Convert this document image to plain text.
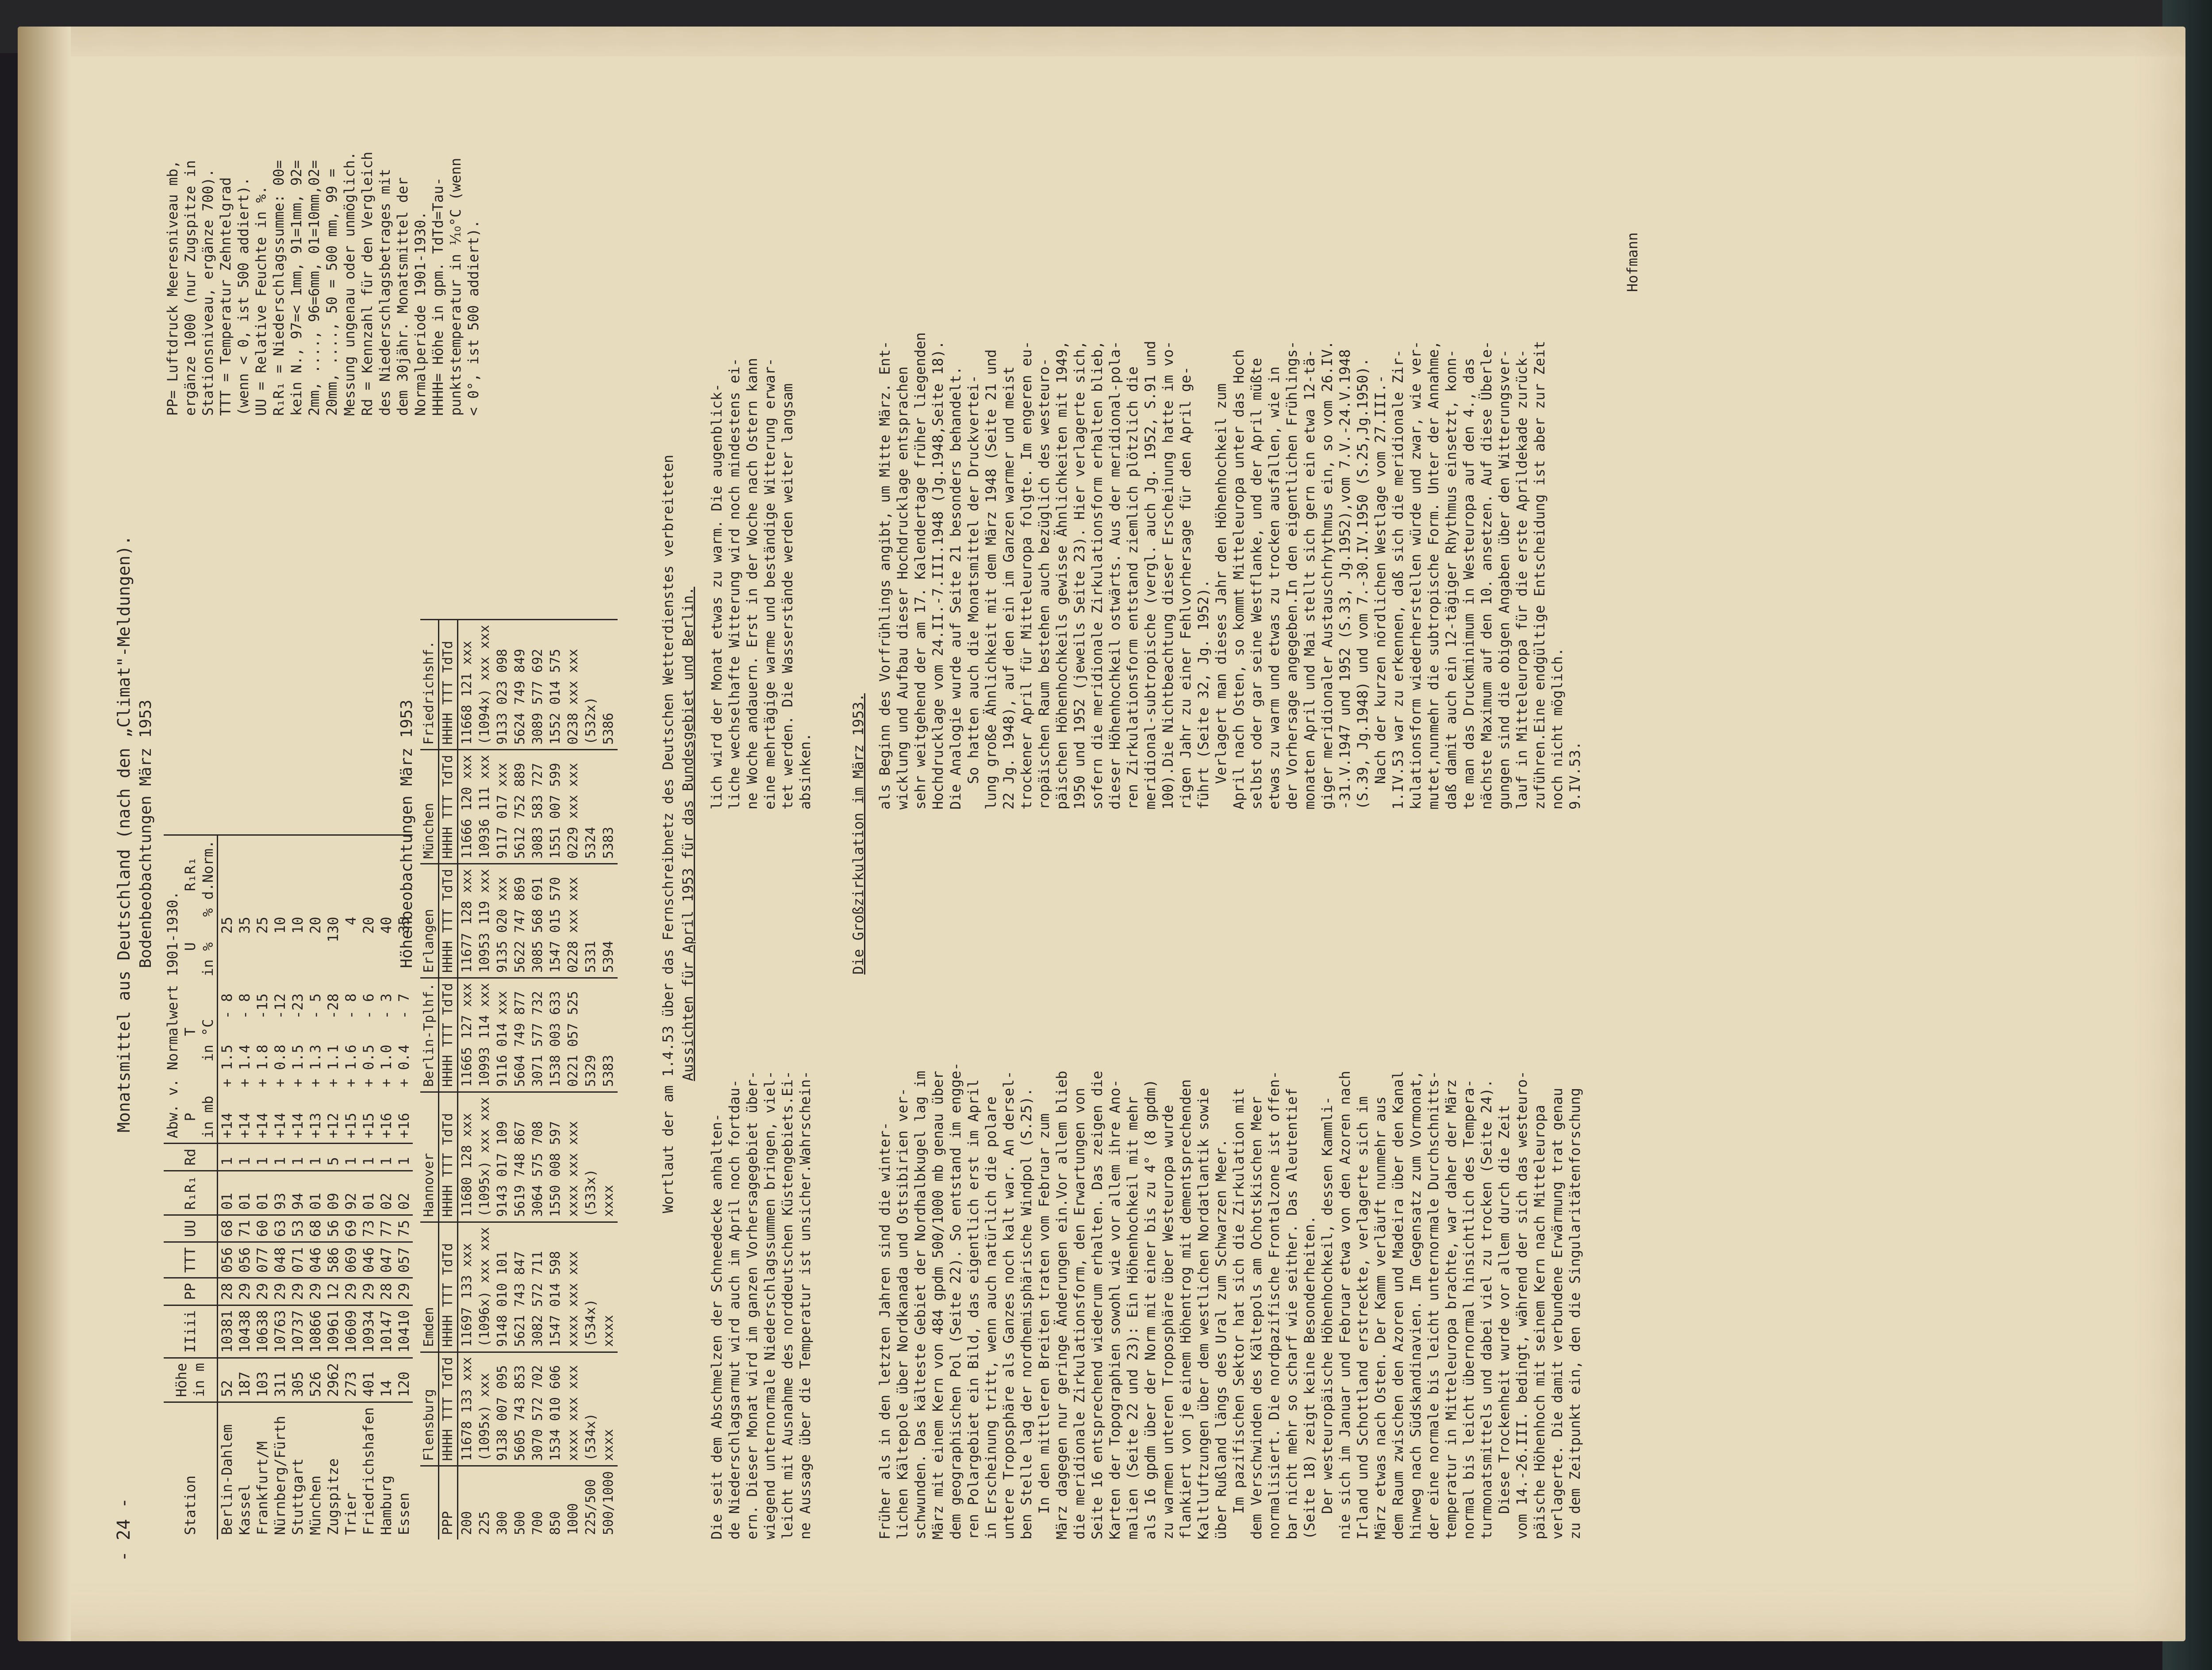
- 24 -
Monatsmittel aus Deutschland (nach den „Climat"-Meldungen). Bodenbeobachtungen März 1953
Station	Höhe
in m	IIiii	PP	TTT	UU	R₁R₁	Rd	Abw. v. Normalwert 1901-1930.
P         T         U      R₁R₁
in mb    in °C     in %   % d.Norm.
Berlin-Dahlem	52	10381	28	056	68	01	1	+14   + 1.5   - 8       25
Kassel	187	10438	29	056	71	01	1	+14   + 1.4   - 8       35
Frankfurt/M	103	10638	29	077	60	01	1	+14   + 1.8   -15       25
Nürnberg/Fürth	311	10763	29	048	63	93	1	+14   + 0.8   -12       10
Stuttgart	305	10737	29	071	53	94	1	+14   + 1.5   -23       10
München	526	10866	29	046	68	01	1	+13   + 1.3   - 5       20
Zugspitze	2962	10961	12	586	56	09	5	+12   + 1.1   -28      130
Trier	273	10609	29	069	69	92	1	+15   + 1.6   - 8        4
Friedrichshafen	401	10934	29	046	73	01	1	+15   + 0.5   - 6       20
Hamburg	14	10147	28	047	77	02	1	+16   + 1.0   - 3       40
Essen	120	10410	29	057	75	02	1	+16   + 0.4   - 7       35
PP= Luftdruck Meeresniveau mb,
ergänze 1000 (nur Zugspitze in
Stationsniveau, ergänze 700).
TTT = Temperatur Zehntelgrad
(wenn < 0, ist 500 addiert).
UU = Relative Feuchte in %.
R₁R₁ = Niederschlagssumme: 00=
kein N., 97=< 1mm, 91=1mm, 92=
2mm, ...., 96=6mm, 01=10mm,02=
20mm, ...., 50 = 500 mm, 99 =
Messung ungenau oder unmöglich.
Rd = Kennzahl für den Vergleich
des Niederschlagsbetrages mit
dem 30jähr. Monatsmittel der
Normalperiode 1901-1930.
HHHH= Höhe in gpm. TdTd=Tau-
punktstemperatur in ⅒°C (wenn
< 0°, ist 500 addiert).
Höhenbeobachtungen März 1953
	Flensburg	Emden	Hannover	Berlin-Tplhf.	Erlangen	München	Friedrichshf.
PPP	HHHH TTT TdTd	HHHH TTT TdTd	HHHH TTT TdTd	HHHH TTT TdTd	HHHH TTT TdTd	HHHH TTT TdTd	HHHH TTT TdTd
200	11678 133 xxx	11697 133 xxx	11680 128 xxx	11665 127 xxx	11677 128 xxx	11666 120 xxx	11668 121 xxx
225	(1095x) xxx	(1096x) xxx xxx	(1095x) xxx xxx	10993 114 xxx	10953 119 xxx	10936 111 xxx	(1094x) xxx xxx
300	9138 007 095	9148 010 101	9143 017 109	9116 014 xxx	9135 020 xxx	9117 017 xxx	9133 023 098
500	5605 743 853	5621 743 847	5619 748 867	5604 749 877	5622 747 869	5612 752 889	5624 749 849
700	3070 572 702	3082 572 711	3064 575 708	3071 577 732	3085 568 691	3083 583 727	3089 577 692
850	1534 010 606	1547 014 598	1550 008 597	1538 003 633	1547 015 570	1551 007 599	1552 014 575
1000	xxxx xxx xxx	xxxx xxx xxx	xxxx xxx xxx	0221 057 525	0228 xxx xxx	0229 xxx xxx	0238 xxx xxx
225/500	(534x)	(534x)	(533x)	5329	5331	5324	(532x)
500/1000	xxxx	xxxx	xxxx	5383	5394	5383	5386	Wortlaut der am 1.4.53 über das Fernschreibnetz des Deutschen Wetterdienstes verbreiteten Aussichten für April 1953 für das Bundesgebiet und Berlin.
Die seit dem Abschmelzen der Schneedecke anhalten-
de Niederschlagsarmut wird auch im April noch fortdau-
ern. Dieser Monat wird im ganzen Vorhersagegebiet über-
wiegend unternormale Niederschlagssummen bringen, viel-
leicht mit Ausnahme des norddeutschen Küstengebiets.Ei-
ne Aussage über die Temperatur ist unsicher.Wahrschein-
lich wird der Monat etwas zu warm. Die augenblick-
liche wechselhafte Witterung wird noch mindestens ei-
ne Woche andauern. Erst in der Woche nach Ostern kann
eine mehrtägige warme und beständige Witterung erwar-
tet werden. Die Wasserstände werden weiter langsam
absinken.	Die Großzirkulation im März 1953.
Früher als in den letzten Jahren sind die winter-
lichen Kältepole über Nordkanada und Ostsibirien ver-
schwunden. Das kälteste Gebiet der Nordhalbkugel lag im
März mit einem Kern von 484 gpdm 500/1000 mb genau über
dem geographischen Pol (Seite 22). So entstand im engge-
ren Polargebiet ein Bild, das eigentlich erst im April
in Erscheinung tritt, wenn auch natürlich die polare
untere Troposphäre als Ganzes noch kalt war. An dersel-
ben Stelle lag der nordhemisphärische Windpol (S.25).
In den mittleren Breiten traten vom Februar zum
März dagegen nur geringe Änderungen ein.Vor allem blieb
die meridionale Zirkulationsform, den Erwartungen von
Seite 16 entsprechend wiederum erhalten. Das zeigen die
Karten der Topographien sowohl wie vor allem ihre Ano-
malien (Seite 22 und 23): Ein Höhenhochkeil mit mehr
als 16 gpdm über der Norm mit einer bis zu 4° (8 gpdm)
zu warmen unteren Troposphäre über Westeuropa wurde
flankiert von je einem Höhentrog mit dementsprechenden
Kaltluftzungen über dem westlichen Nordatlantik sowie
über Rußland längs des Ural zum Schwarzen Meer.
Im pazifischen Sektor hat sich die Zirkulation mit
dem Verschwinden des Kältepols am Ochotskischen Meer
normalisiert. Die nordpazifische Frontalzone ist offen-
bar nicht mehr so scharf wie seither. Das Aleutentief
(Seite 18) zeigt keine Besonderheiten.
Der westeuropäische Höhenhochkeil, dessen Kammli-
nie sich im Januar und Februar etwa von den Azoren nach
Irland und Schottland erstreckte, verlagerte sich im
März etwas nach Osten. Der Kamm verläuft nunmehr aus
dem Raum zwischen den Azoren und Madeira über den Kanal
hinweg nach Südskandinavien. Im Gegensatz zum Vormonat,
der eine normale bis leicht unternormale Durchschnitts-
temperatur in Mitteleuropa brachte, war daher der März
normal bis leicht übernormal hinsichtlich des Tempera-
turmonatsmittels und dabei viel zu trocken (Seite 24).
Diese Trockenheit wurde vor allem durch die Zeit
vom 14.-26.III. bedingt, während der sich das westeuro-
päische Höhenhoch mit seinem Kern nach Mitteleuropa
verlagerte. Die damit verbundene Erwärmung trat genau
zu dem Zeitpunkt ein, den die Singularitätenforschung
als Beginn des Vorfrühlings angibt, um Mitte März. Ent-
wicklung und Aufbau dieser Hochdrucklage entsprachen
sehr weitgehend der am 17. Kalendertage früher liegenden
Hochdrucklage vom 24.II.-7.III.1948 (Jg.1948,Seite 18).
Die Analogie wurde auf Seite 21 besonders behandelt.
So hatten auch die Monatsmittel der Druckvertei-
lung große Ähnlichkeit mit dem März 1948 (Seite 21 und
22 Jg. 1948), auf den ein im Ganzen warmer und meist
trockener April für Mitteleuropa folgte. Im engeren eu-
ropäischen Raum bestehen auch bezüglich des westeuro-
päischen Höhenhochkeils gewisse Ähnlichkeiten mit 1949,
1950 und 1952 (jeweils Seite 23). Hier verlagerte sich,
sofern die meridionale Zirkulationsform erhalten blieb,
dieser Höhenhochkeil ostwärts. Aus der meridional-pola-
ren Zirkulationsform entstand ziemlich plötzlich die
meridional-subtropische (vergl. auch Jg. 1952, S.91 und
100).Die Nichtbeachtung dieser Erscheinung hatte im vo-
rigen Jahr zu einer Fehlvorhersage für den April ge-
führt (Seite 32, Jg. 1952).
Verlagert man dieses Jahr den Höhenhochkeil zum
April nach Osten, so kommt Mitteleuropa unter das Hoch
selbst oder gar seine Westflanke, und der April müßte
etwas zu warm und etwas zu trocken ausfallen, wie in
der Vorhersage angegeben.In den eigentlichen Frühlings-
monaten April und Mai stellt sich gern ein etwa 12-tä-
giger meridionaler Austauschrhythmus ein, so vom 26.IV.
-31.V.1947 und 1952 (S.33, Jg.1952),vom 7.V.-24.V.1948
(S.39, Jg.1948) und vom 7.-30.IV.1950 (S.25,Jg.1950).
Nach der kurzen nördlichen Westlage vom 27.III.-
1.IV.53 war zu erkennen, daß sich die meridionale Zir-
kulationsform wiederherstellen würde und zwar, wie ver-
mutet,nunmehr die subtropische Form. Unter der Annahme,
daß damit auch ein 12-tägiger Rhythmus einsetzt, konn-
te man das Druckminimum in Westeuropa auf den 4., das
nächste Maximum auf den 10. ansetzen. Auf diese Überle-
gungen sind die obigen Angaben über den Witterungsver-
lauf in Mitteleuropa für die erste Aprildekade zurück-
zuführen.Eine endgültige Entscheidung ist aber zur Zeit
noch nicht möglich.
9.IV.53.
Hofmann
